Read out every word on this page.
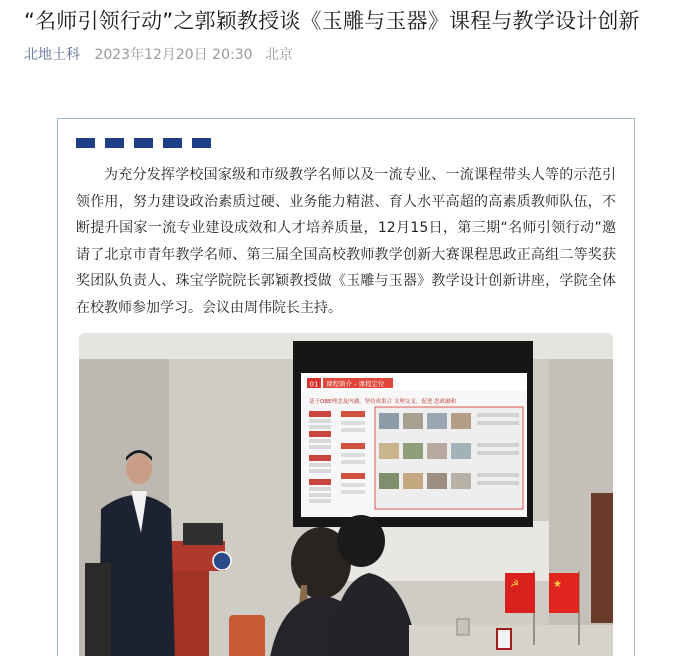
“名师引领行动”之郭颖教授谈《玉雕与玉器》课程与教学设计创新
北地土科 2023年12月20日 20:30 北京

为充分发挥学校国家级和市级教学名师以及一流专业、一流课程带头人等的示范引领作用，努力建设政治素质过硬、业务能力精湛、育人水平高超的高素质教师队伍，不断提升国家一流专业建设成效和人才培养质量，12月15日，第三期“名师引领行动”邀请了北京市青年教学名师、第三届全国高校教师教学创新大赛课程思政正高组二等奖获奖团队负责人、珠宝学院院长郭颖教授做《玉雕与玉器》教学设计创新讲座，学院全体在校教师参加学习。会议由周伟院长主持。

01 课程简介 - 课程定位
基于OBE理念及内涵，坚持成果合 文理交叉，促进 思政融和
☭	★
